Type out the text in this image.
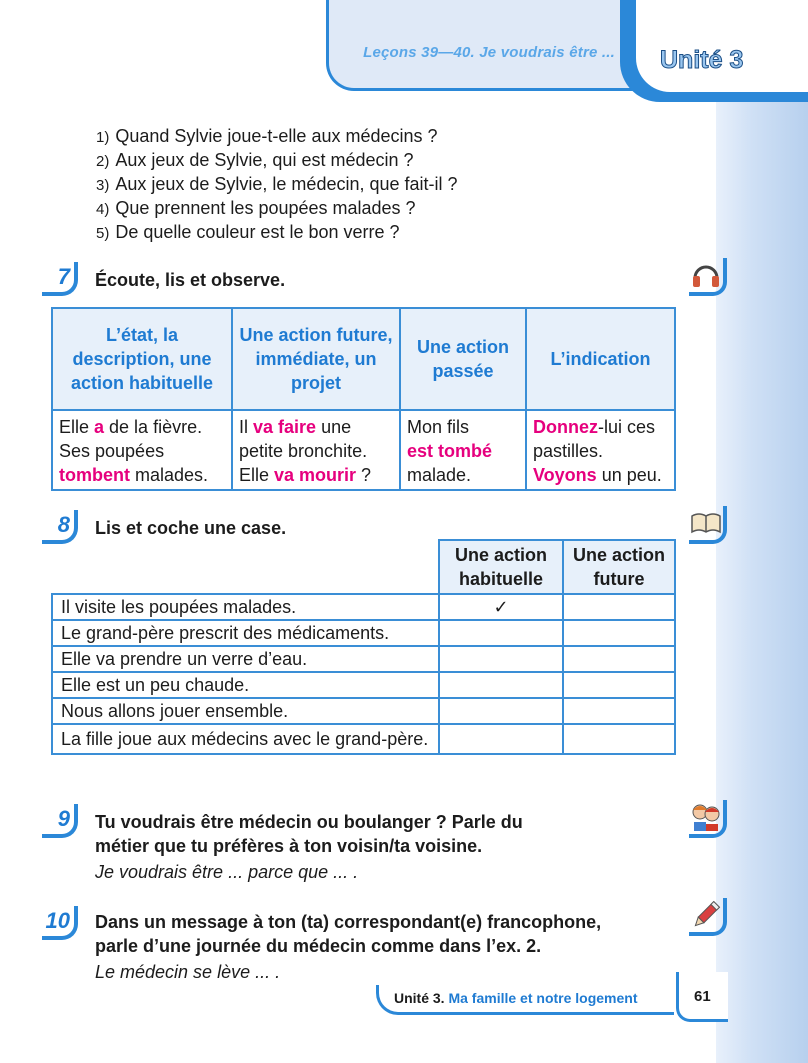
Leçons 39—40. Je voudrais être ... Unité 3
1) Quand Sylvie joue-t-elle aux médecins ?
2) Aux jeux de Sylvie, qui est médecin ?
3) Aux jeux de Sylvie, le médecin, que fait-il ?
4) Que prennent les poupées malades ?
5) De quelle couleur est le bon verre ?
7	Écoute, lis et observe.
L’état, la description, une action habituelle	Une action future, immédiate, un projet	Une action passée	L’indication
Elle a de la fièvre.
Ses poupées
tombent malades.	Il va faire une
petite bronchite.
Elle va mourir ?	Mon fils
est tombé
malade.	Donnez-lui ces
pastilles.
Voyons un peu.
8	Lis et coche une case.
	Une action habituelle	Une action future
Il visite les poupées malades.	✓	
Le grand-père prescrit des médicaments.		
Elle va prendre un verre d’eau.		
Elle est un peu chaude.		
Nous allons jouer ensemble.		
La fille joue aux médecins avec le grand-père.		
9	Tu voudrais être médecin ou boulanger ? Parle du
métier que tu préfères à ton voisin/ta voisine.
Je voudrais être ... parce que ... .
10	Dans un message à ton (ta) correspondant(e) francophone,
parle d’une journée du médecin comme dans l’ex. 2.
Le médecin se lève ... .
Unité 3. Ma famille et notre logement	61
